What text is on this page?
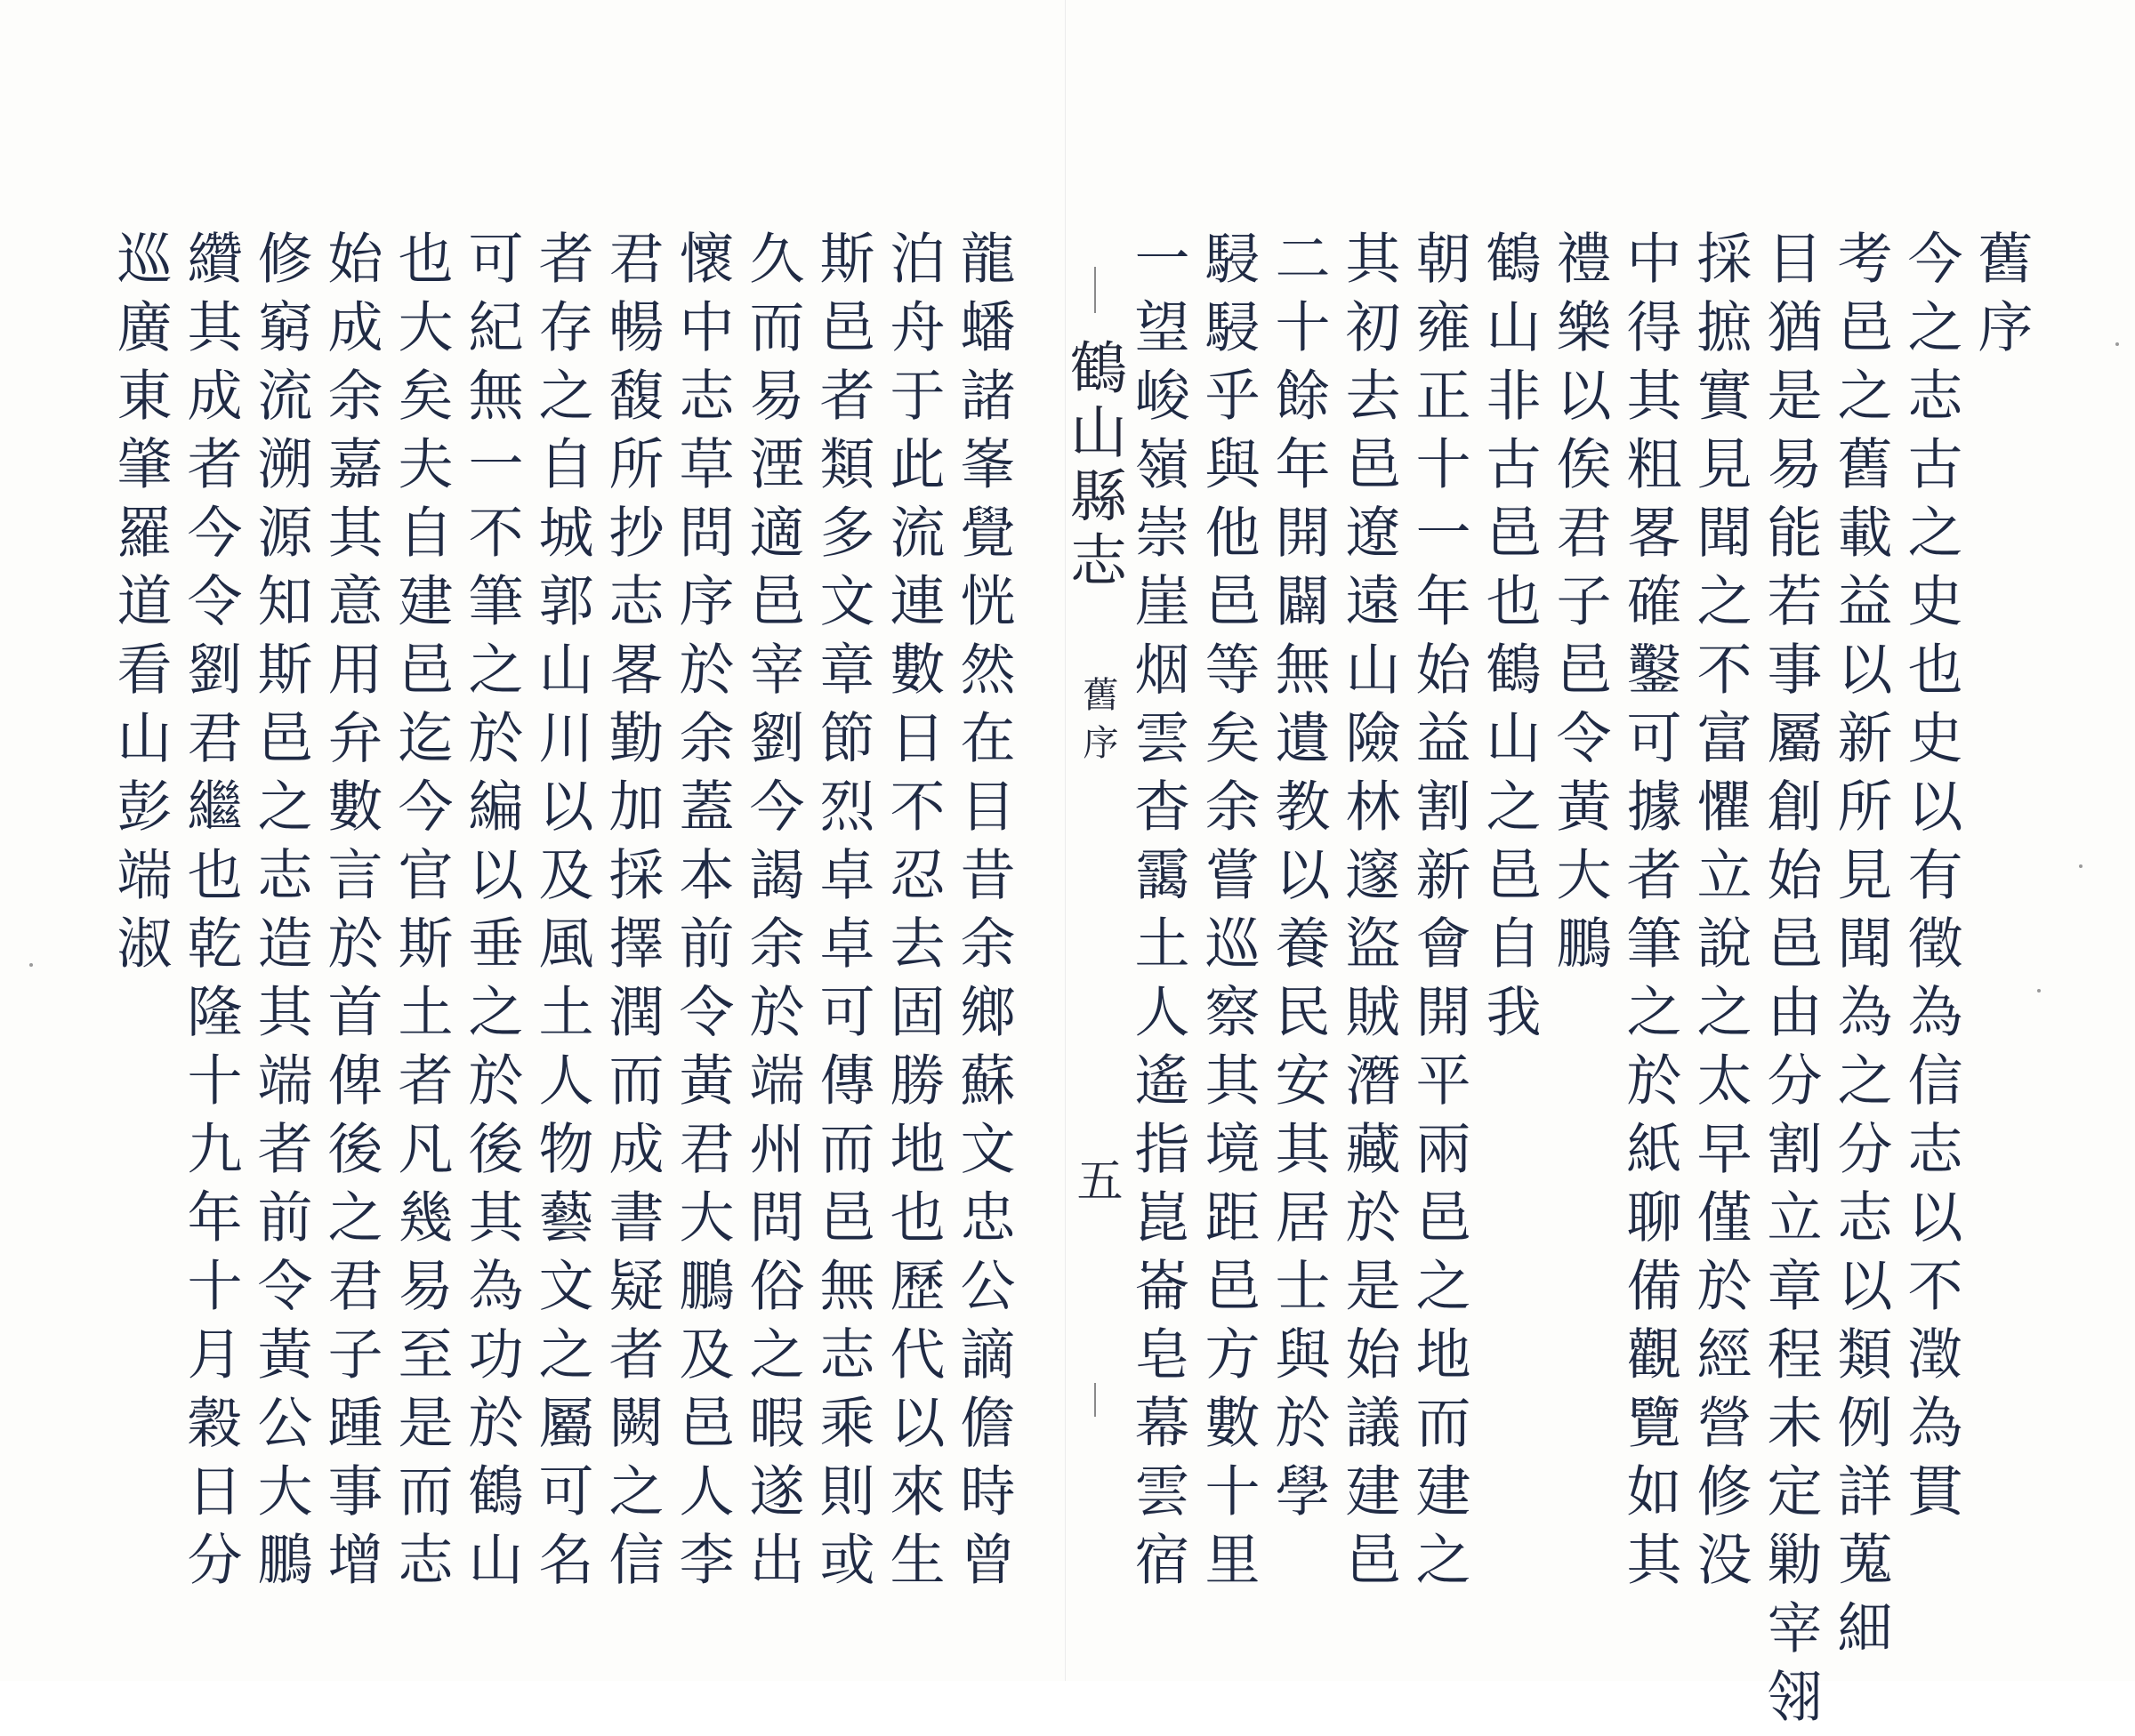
舊序
今之志古之史也史以有徵為信志以不澂為貫
考邑之舊載益以新所見聞為之分志以類例詳蒐細
目猶是易能若事屬創始邑由分割立章程未定勦宰翎
採摭實見聞之不富懼立說之太早僅於經營修没
中得其粗畧確鑿可據者筆之於紙聊備觀覽如其
禮樂以俟君子邑令黃大鵬
鶴山非古邑也鶴山之邑自我
朝雍正十一年始益割新會開平兩邑之地而建之
其初去邑遼遠山險林邃盜賊潛藏於是始議建邑
二十餘年開闢無遺教以養民安其居士與於學
駸駸乎與他邑等矣余嘗巡察其境距邑方數十里
一望峻嶺崇崖烟雲杳靄土人遙指崑崙皂幕雲宿
鶴山縣志
舊序
五
龍蟠諸峯覺恍然在目昔余鄉蘇文忠公謫儋時曾
泊舟于此流連數日不忍去固勝地也歷代以來生
斯邑者類多文章節烈卓卓可傳而邑無志乘則或
久而易湮適邑宰劉今謁余於端州問俗之暇遂出
懷中志草問序於余蓋本前令黃君大鵬及邑人李
君暢馥所抄志畧勤加採擇潤而成書疑者闕之信
者存之自城郭山川以及風土人物藝文之屬可名
可紀無一不筆之於編以垂之於後其為功於鶴山
也大矣夫自建邑迄今官斯土者凡幾易至是而志
始成余嘉其意用弁數言於首俾後之君子踵事增
修窮流溯源知斯邑之志造其端者前令黃公大鵬
纘其成者今令劉君繼也乾隆十九年十月穀日分
巡廣東肇羅道看山彭端淑
